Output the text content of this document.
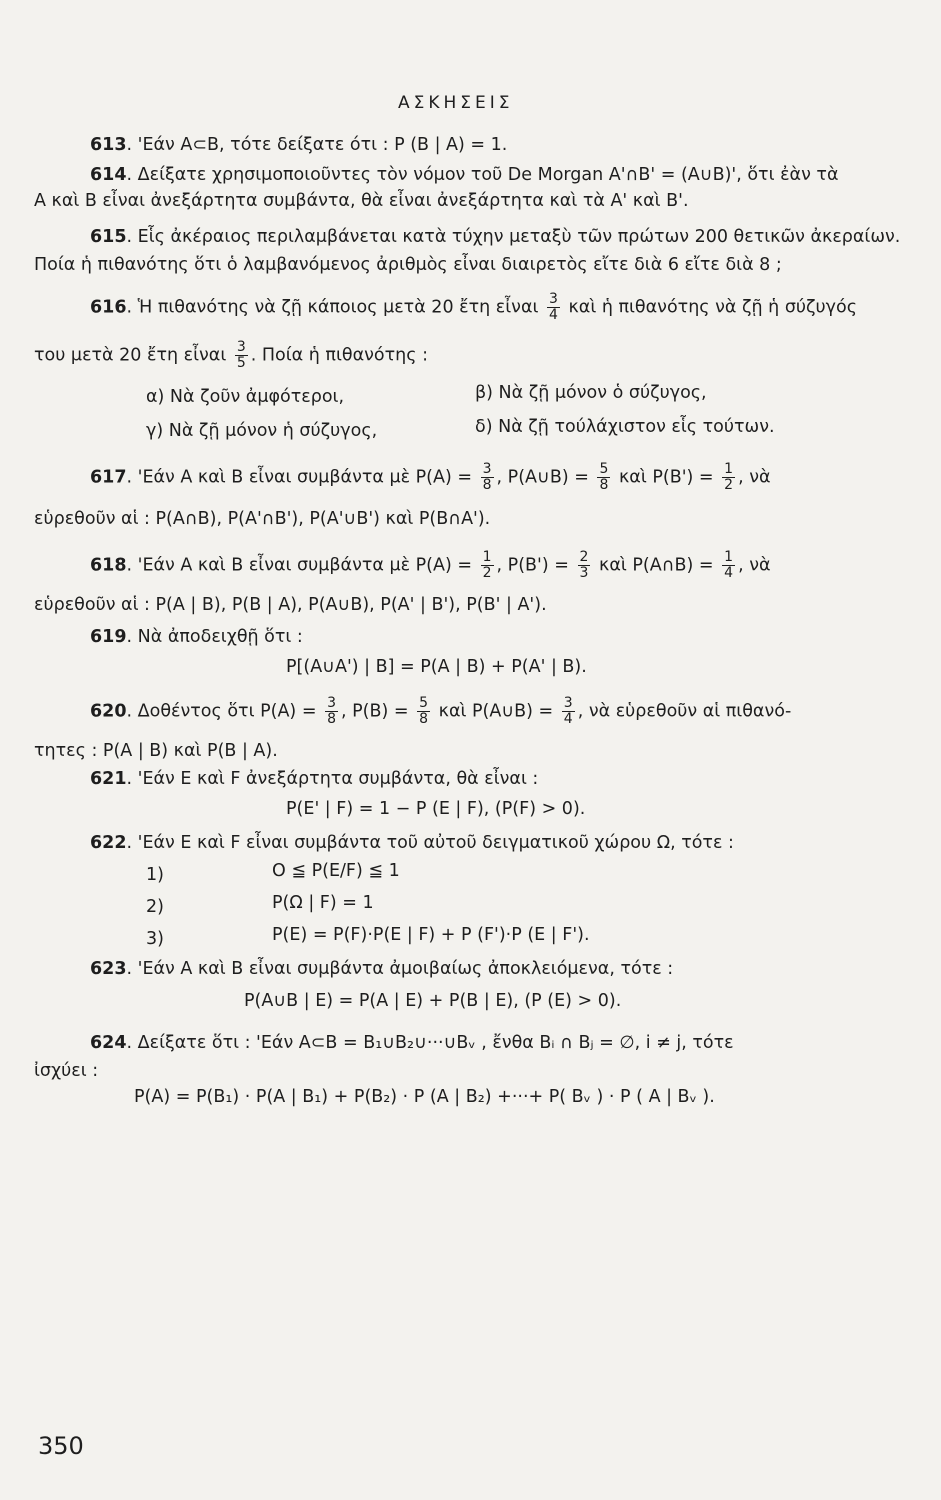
ΑΣΚΗΣΕΙΣ
613. 'Εάν A⊂B, τότε δείξατε ότι : P (B | A) = 1.
614. Δείξατε χρησιμοποιοῦντες τὸν νόμον τοῦ De Morgan A'∩B' = (A∪B)', ὅτι ἐὰν τὰ
A καὶ B εἶναι ἀνεξάρτητα συμβάντα, θὰ εἶναι ἀνεξάρτητα καὶ τὰ A' καὶ B'.
615. Εἷς ἀκέραιος περιλαμβάνεται κατὰ τύχην μεταξὺ τῶν πρώτων 200 θετικῶν ἀκεραίων.
Ποία ἡ πιθανότης ὅτι ὁ λαμβανόμενος ἀριθμὸς εἶναι διαιρετὸς εἴτε διὰ 6 εἴτε διὰ 8 ;
616. Ἡ πιθανότης νὰ ζῇ κάποιος μετὰ 20 ἔτη εἶναι $\frac{3}{4}$ καὶ ἡ πιθανότης νὰ ζῇ ἡ σύζυγός
του μετὰ 20 ἔτη εἶναι $\frac{3}{5}$ . Ποία ἡ πιθανότης :
α) Νὰ ζοῦν ἀμφότεροι,	β) Νὰ ζῇ μόνον ὁ σύζυγος,
γ) Νὰ ζῇ μόνον ἡ σύζυγος,	δ) Νὰ ζῇ τούλάχιστον εἷς τούτων.
617. 'Εάν A καὶ B εἶναι συμβάντα μὲ $P(A) = \frac{3}{8}$ , P(A∪B) = $\frac{5}{8}$ καὶ $P(B') = \frac{1}{2}$ , νὰ
εὑρεθοῦν αἱ : P(A∩B), P(A'∩B'), P(A'∪B') καὶ P(B∩A').
618. 'Εάν A καὶ B εἶναι συμβάντα μὲ $P(A) = \frac{1}{2}$ , $P(B') = \frac{2}{3}$ καὶ P(A∩B) = $\frac{1}{4}$ , νὰ
εὑρεθοῦν αἱ : P(A | B), P(B | A), P(A∪B), P(A' | B'), P(B' | A').
619. Νὰ ἀποδειχθῇ ὅτι :
P[(A∪A') | B] = P(A | B) + P(A' | B).
620. Δοθέντος ὅτι $P(A) = \frac{3}{8}$ , $P(B) = \frac{5}{8}$ καὶ P(A∪B) = $\frac{3}{4}$ , νὰ εὑρεθοῦν αἱ πιθανό-
τητες : P(A | B) καὶ P(B | A).
621. 'Εάν E καὶ F ἀνεξάρτητα συμβάντα, θὰ εἶναι :
P(E' | F) = 1 − P (E | F), (P(F) > 0).
622. 'Εάν E καὶ F εἶναι συμβάντα τοῦ αὐτοῦ δειγματικοῦ χώρου Ω, τότε :
1)	O ≦ P(E/F) ≦ 1
2)	P(Ω | F) = 1
3)	P(E) = P(F)·P(E | F) + P (F')·P (E | F').
623. 'Εάν A καὶ B εἶναι συμβάντα ἀμοιβαίως ἀποκλειόμενα, τότε :
P(A∪B | E) = P(A | E) + P(B | E), (P (E) > 0).
624. Δείξατε ὅτι : 'Εάν A⊂B = B₁∪B₂∪···∪Bᵥ , ἔνθα Bᵢ ∩ Bⱼ = ∅, i ≠ j, τότε
ἰσχύει :
P(A) = P(B₁) · P(A | B₁) + P(B₂) · P (A | B₂) +···+ P( Bᵥ ) · P ( A | Bᵥ ).
350
